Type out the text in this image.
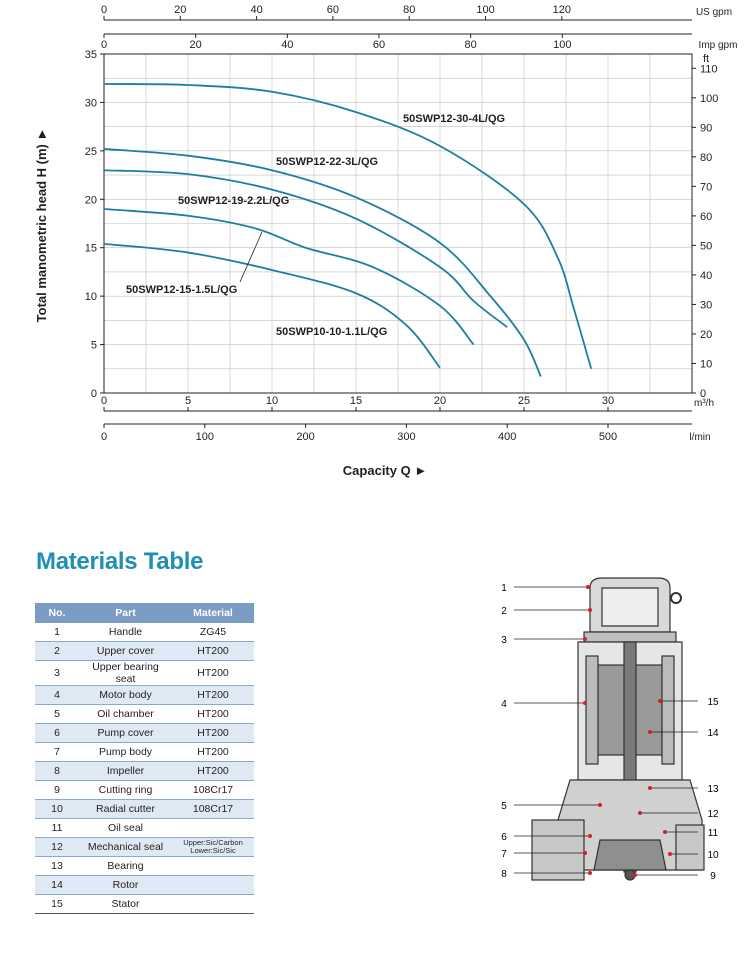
0
5
10
15
20
25
30
35
0
10
20
30
40
50
60
70
80
90
100
110
ft
0	5	10	15	20	25	30	m³/h
0	100	200	300	400	500	l/min
0	20	40	60	80	100	120	US gpm
0	20	40	60	80	100	Imp gpm
Total manometric head H (m) ►
Capacity Q ►
50SWP12-30-4L/QG
50SWP12-22-3L/QG
50SWP12-19-2.2L/QG
50SWP12-15-1.5L/QG
50SWP10-10-1.1L/QG
Materials Table
No.	Part	Material
1	Handle	ZG45
2	Upper cover	HT200
3	Upper bearing seat	HT200
4	Motor body	HT200
5	Oil chamber	HT200
6	Pump cover	HT200
7	Pump body	HT200
8	Impeller	HT200
9	Cutting ring	108Cr17
10	Radial cutter	108Cr17
11	Oil seal	
12	Mechanical seal	Upper:Sic/Carbon
Lower:Sic/Sic
13	Bearing	
14	Rotor	
15	Stator	
1
2
3
4
5
6
7
8
15
14
13
12
11
10
9
